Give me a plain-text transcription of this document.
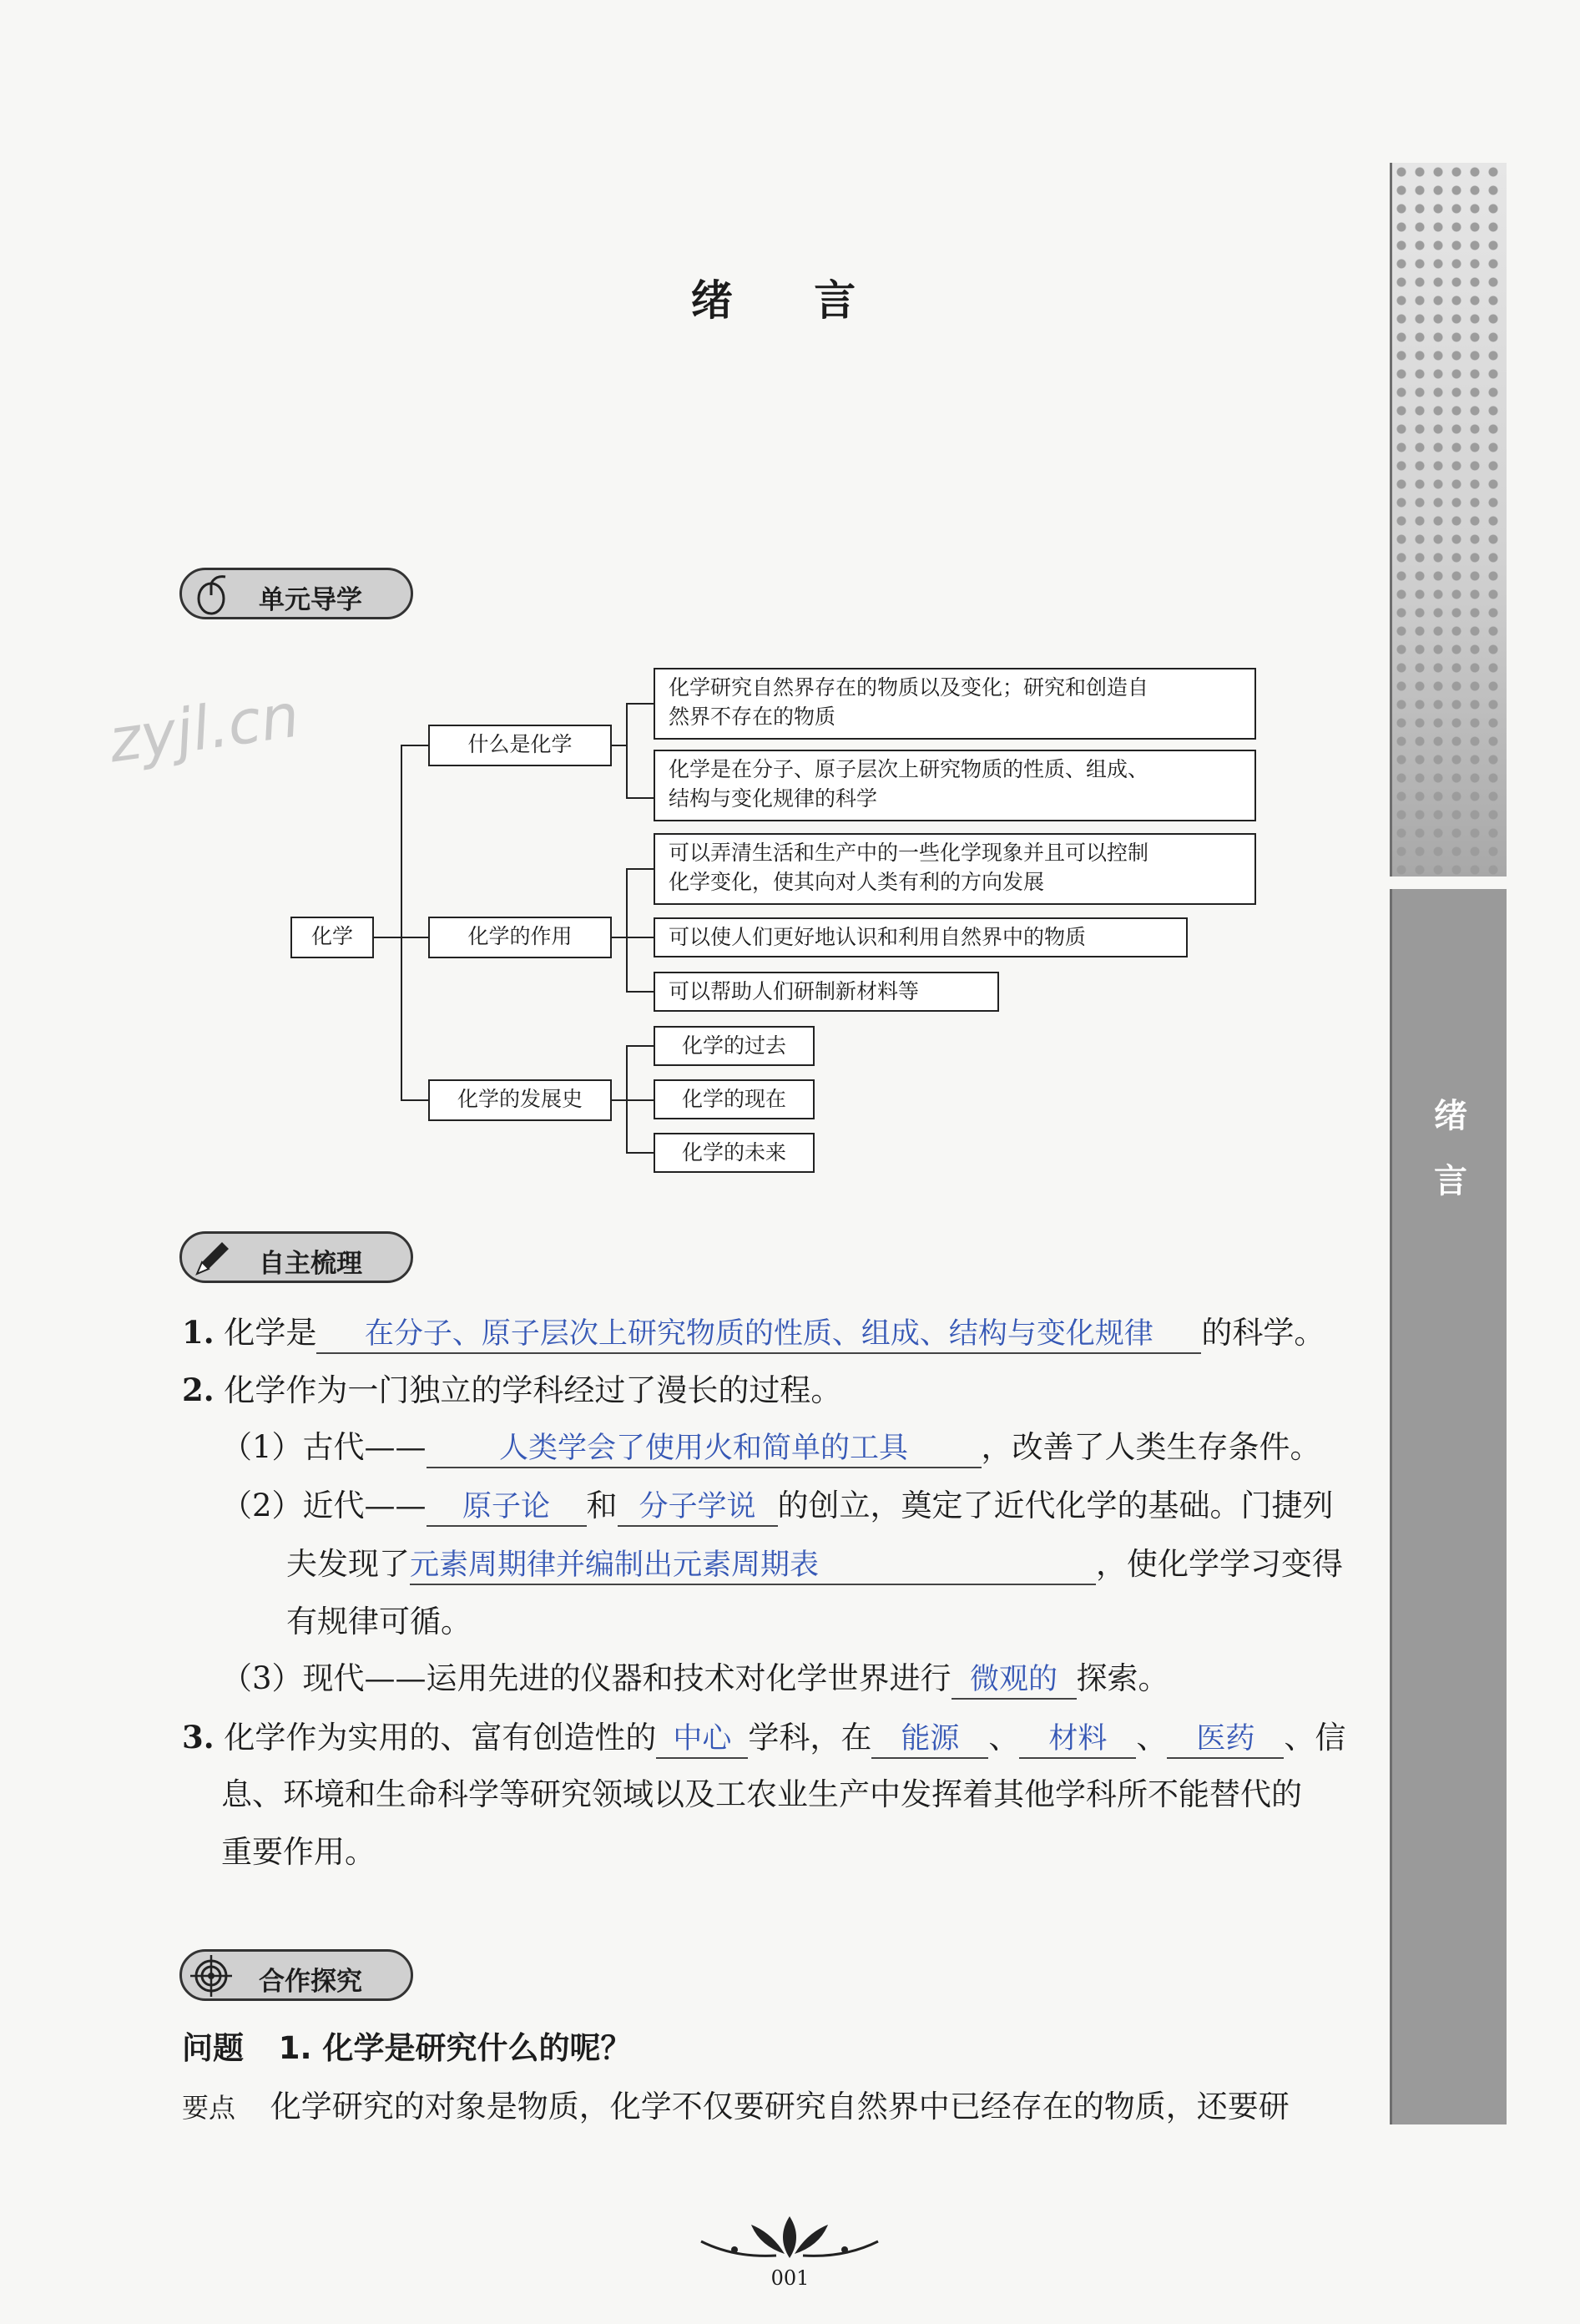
绪
言
绪 言
单元导学
zyjl.cn
化学
什么是化学
化学研究自然界存在的物质以及变化；研究和创造自
然界不存在的物质
化学是在分子、原子层次上研究物质的性质、组成、
结构与变化规律的科学
化学的作用
可以弄清生活和生产中的一些化学现象并且可以控制
化学变化，使其向对人类有利的方向发展
可以使人们更好地认识和利用自然界中的物质
可以帮助人们研制新材料等
化学的发展史
化学的过去
化学的现在
化学的未来
自主梳理
1. 化学是 在分子、原子层次上研究物质的性质、组成、结构与变化规律 的科学。
2. 化学作为一门独立的学科经过了漫长的过程。
（1）古代—— 人类学会了使用火和简单的工具 ，改善了人类生存条件。
（2）近代—— 原子论 和 分子学说 的创立，奠定了近代化学的基础。门捷列
夫发现了元素周期律并编制出元素周期表	，使化学学习变得
有规律可循。
（3）现代——运用先进的仪器和技术对化学世界进行 微观的 探索。
3. 化学作为实用的、富有创造性的 中心 学科，在 能源 、 材料 、 医药 、信
息、环境和生命科学等研究领域以及工农业生产中发挥着其他学科所不能替代的
重要作用。
合作探究
问题 1. 化学是研究什么的呢？
要点 化学研究的对象是物质，化学不仅要研究自然界中已经存在的物质，还要研
001
